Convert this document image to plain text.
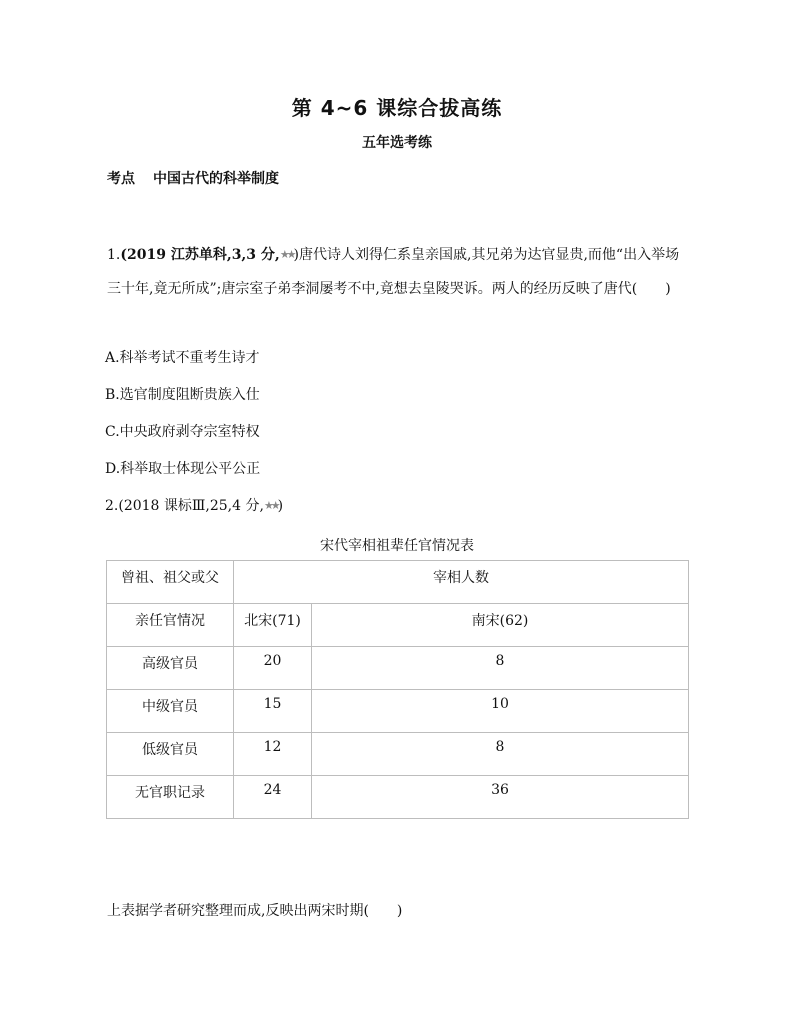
第 4~6 课综合拔高练
五年选考练
考点 中国古代的科举制度
1.(2019 江苏单科,3,3 分,★★)唐代诗人刘得仁系皇亲国戚,其兄弟为达官显贵,而他“出入举场三十年,竟无所成”;唐宗室子弟李洞屡考不中,竟想去皇陵哭诉。两人的经历反映了唐代(　　)
A.科举考试不重考生诗才
B.选官制度阻断贵族入仕
C.中央政府剥夺宗室特权
D.科举取士体现公平公正
2.(2018 课标Ⅲ,25,4 分,★★)
宋代宰相祖辈任官情况表
曾祖、祖父或父	宰相人数	
亲任官情况	北宋(71)	南宋(62)
高级官员	20	8
中级官员	15	10
低级官员	12	8
无官职记录	24	36
上表据学者研究整理而成,反映出两宋时期(　　)
